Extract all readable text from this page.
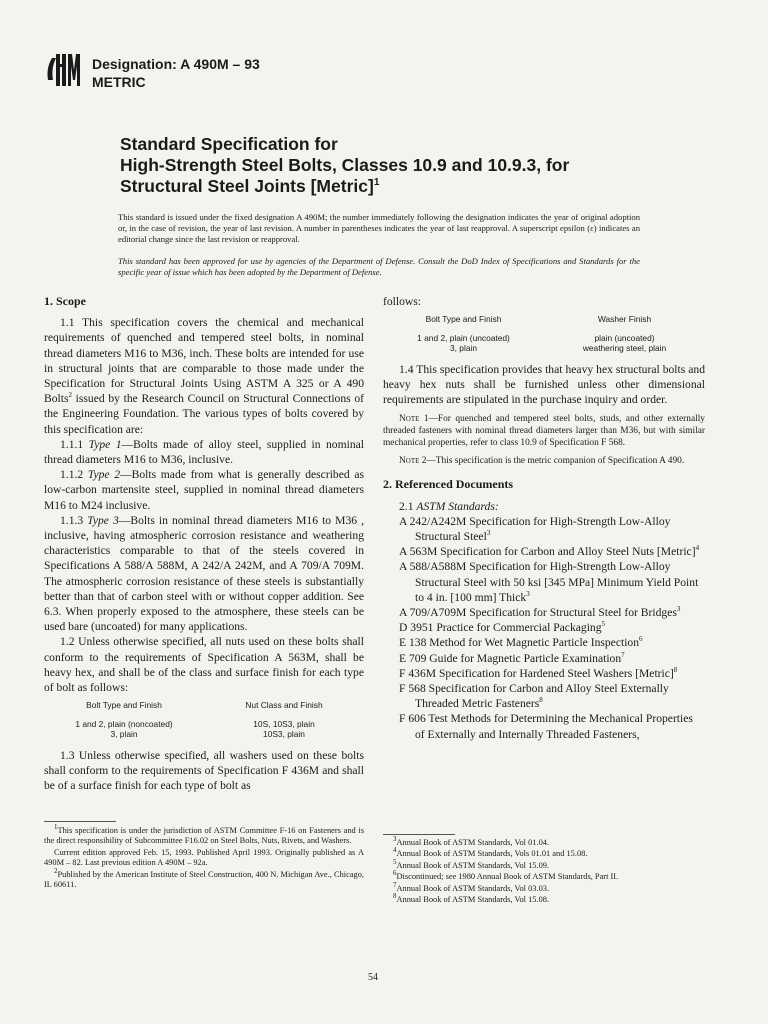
Designation: A 490M – 93
METRIC
Standard Specification for
High-Strength Steel Bolts, Classes 10.9 and 10.9.3, for
Structural Steel Joints [Metric]$^1$
This standard is issued under the fixed designation A 490M; the number immediately following the designation indicates the year of original adoption or, in the case of revision, the year of last revision. A number in parentheses indicates the year of last reapproval. A superscript epsilon (ε) indicates an editorial change since the last revision or reapproval.
This standard has been approved for use by agencies of the Department of Defense. Consult the DoD Index of Specifications and Standards for the specific year of issue which has been adopted by the Department of Defense.
1. Scope

1.1 This specification covers the chemical and mechanical requirements of quenched and tempered steel bolts, in nominal thread diameters M16 to M36, inch. These bolts are intended for use in structural joints that are comparable to those made under the Specification for Structural Joints Using ASTM A 325 or A 490 Bolts$^2$ issued by the Research Council on Structural Connections of the Engineering Foundation. The various types of bolts covered by this specification are:

1.1.1 Type 1—Bolts made of alloy steel, supplied in nominal thread diameters M16 to M36, inclusive.

1.1.2 Type 2—Bolts made from what is generally described as low-carbon martensite steel, supplied in nominal thread diameters M16 to M24 inclusive.

1.1.3 Type 3—Bolts in nominal thread diameters M16 to M36 , inclusive, having atmospheric corrosion resistance and weathering characteristics comparable to that of the steels covered in Specifications A 588/A 588M, A 242/A 242M, and A 709/A 709M. The atmospheric corrosion resistance of these steels is substantially better than that of carbon steel with or without copper addition. See 6.3. When properly exposed to the atmosphere, these steels can be used bare (uncoated) for many applications.

1.2 Unless otherwise specified, all nuts used on these bolts shall conform to the requirements of Specification A 563M, shall be heavy hex, and shall be of the class and surface finish for each type of bolt as follows:

Bolt Type and Finish	Nut Class and Finish
1 and 2, plain (noncoated)	10S, 10S3, plain
3, plain	10S3, plain

1.3 Unless otherwise specified, all washers used on these bolts shall conform to the requirements of Specification F 436M and shall be of a surface finish for each type of bolt as

follows:

Bolt Type and Finish	Washer Finish
1 and 2, plain (uncoated)	plain (uncoated)
3, plain	weathering steel, plain

1.4 This specification provides that heavy hex structural bolts and heavy hex nuts shall be furnished unless other dimensional requirements are stipulated in the purchase inquiry and order.

Note 1—For quenched and tempered steel bolts, studs, and other externally threaded fasteners with nominal thread diameters larger than M36, but with similar mechanical properties, refer to class 10.9 of Specification F 568.
Note 2—This specification is the metric companion of Specification A 490.
2. Referenced Documents

2.1 ASTM Standards:

A 242/A242M Specification for High-Strength Low-Alloy Structural Steel$^3$

A 563M Specification for Carbon and Alloy Steel Nuts [Metric]$^4$

A 588/A588M Specification for High-Strength Low-Alloy Structural Steel with 50 ksi [345 MPa] Minimum Yield Point to 4 in. [100 mm] Thick$^3$

A 709/A709M Specification for Structural Steel for Bridges$^3$

D 3951 Practice for Commercial Packaging$^5$

E 138 Method for Wet Magnetic Particle Inspection$^6$

E 709 Guide for Magnetic Particle Examination$^7$

F 436M Specification for Hardened Steel Washers [Metric]$^8$

F 568 Specification for Carbon and Alloy Steel Externally Threaded Metric Fasteners$^8$

F 606 Test Methods for Determining the Mechanical Properties of Externally and Internally Threaded Fasteners,

$^1$This specification is under the jurisdiction of ASTM Committee F-16 on Fasteners and is the direct responsibility of Subcommittee F16.02 on Steel Bolts, Nuts, Rivets, and Washers.

Current edition approved Feb. 15, 1993. Published April 1993. Originally published as A 490M – 82. Last previous edition A 490M – 92a.

$^2$Published by the American Institute of Steel Construction, 400 N. Michigan Ave., Chicago, IL 60611.

$^3$Annual Book of ASTM Standards, Vol 01.04.

$^4$Annual Book of ASTM Standards, Vols 01.01 and 15.08.

$^5$Annual Book of ASTM Standards, Vol 15.09.

$^6$Discontinued; see 1980 Annual Book of ASTM Standards, Part II.

$^7$Annual Book of ASTM Standards, Vol 03.03.

$^8$Annual Book of ASTM Standards, Vol 15.08.

54
